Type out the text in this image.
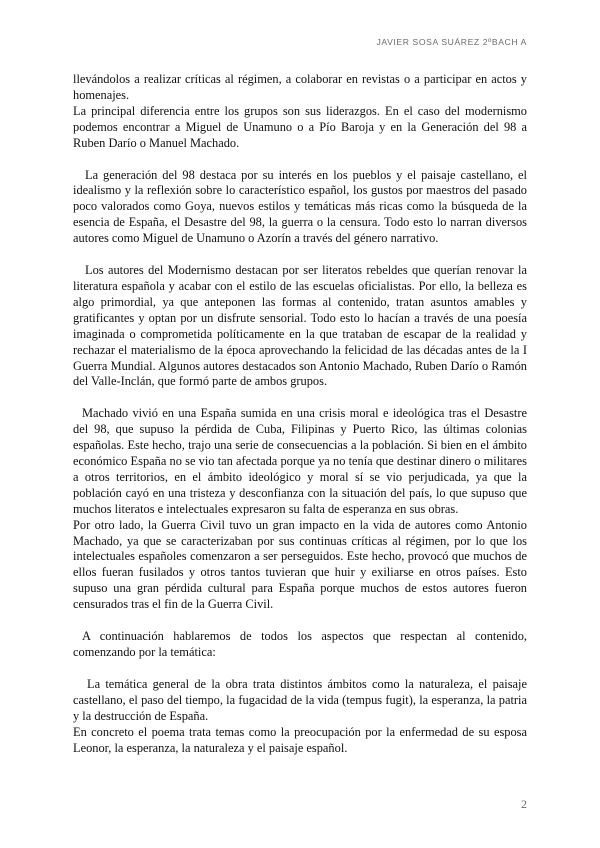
JAVIER SOSA SUÁREZ 2ºBACH A

llevándolos a realizar críticas al régimen, a colaborar en revistas o a participar en actos y homenajes.

La principal diferencia entre los grupos son sus liderazgos. En el caso del modernismo podemos encontrar a Miguel de Unamuno o a Pío Baroja y en la Generación del 98 a Ruben Darío o Manuel Machado.

La generación del 98 destaca por su interés en los pueblos y el paisaje castellano, el idealismo y la reflexión sobre lo característico español, los gustos por maestros del pasado poco valorados como Goya, nuevos estilos y temáticas más ricas como la búsqueda de la esencia de España, el Desastre del 98, la guerra o la censura. Todo esto lo narran diversos autores como Miguel de Unamuno o Azorín a través del género narrativo.

Los autores del Modernismo destacan por ser literatos rebeldes que querían renovar la literatura española y acabar con el estilo de las escuelas oficialistas. Por ello, la belleza es algo primordial, ya que anteponen las formas al contenido, tratan asuntos amables y gratificantes y optan por un disfrute sensorial. Todo esto lo hacían a través de una poesía imaginada o comprometida políticamente en la que trataban de escapar de la realidad y rechazar el materialismo de la época aprovechando la felicidad de las décadas antes de la I Guerra Mundial. Algunos autores destacados son Antonio Machado, Ruben Darío o Ramón del Valle-Inclán, que formó parte de ambos grupos.

Machado vivió en una España sumida en una crisis moral e ideológica tras el Desastre del 98, que supuso la pérdida de Cuba, Filipinas y Puerto Rico, las últimas colonias españolas. Este hecho, trajo una serie de consecuencias a la población. Si bien en el ámbito económico España no se vio tan afectada porque ya no tenía que destinar dinero o militares a otros territorios, en el ámbito ideológico y moral sí se vio perjudicada, ya que la población cayó en una tristeza y desconfianza con la situación del país, lo que supuso que muchos literatos e intelectuales expresaron su falta de esperanza en sus obras.

Por otro lado, la Guerra Civil tuvo un gran impacto en la vida de autores como Antonio Machado, ya que se caracterizaban por sus continuas críticas al régimen, por lo que los intelectuales españoles comenzaron a ser perseguidos. Este hecho, provocó que muchos de ellos fueran fusilados y otros tantos tuvieran que huir y exiliarse en otros países. Esto supuso una gran pérdida cultural para España porque muchos de estos autores fueron censurados tras el fin de la Guerra Civil.

A continuación hablaremos de todos los aspectos que respectan al contenido, comenzando por la temática:

La temática general de la obra trata distintos ámbitos como la naturaleza, el paisaje castellano, el paso del tiempo, la fugacidad de la vida (tempus fugit), la esperanza, la patria y la destrucción de España.

En concreto el poema trata temas como la preocupación por la enfermedad de su esposa Leonor, la esperanza, la naturaleza y el paisaje español.

2
